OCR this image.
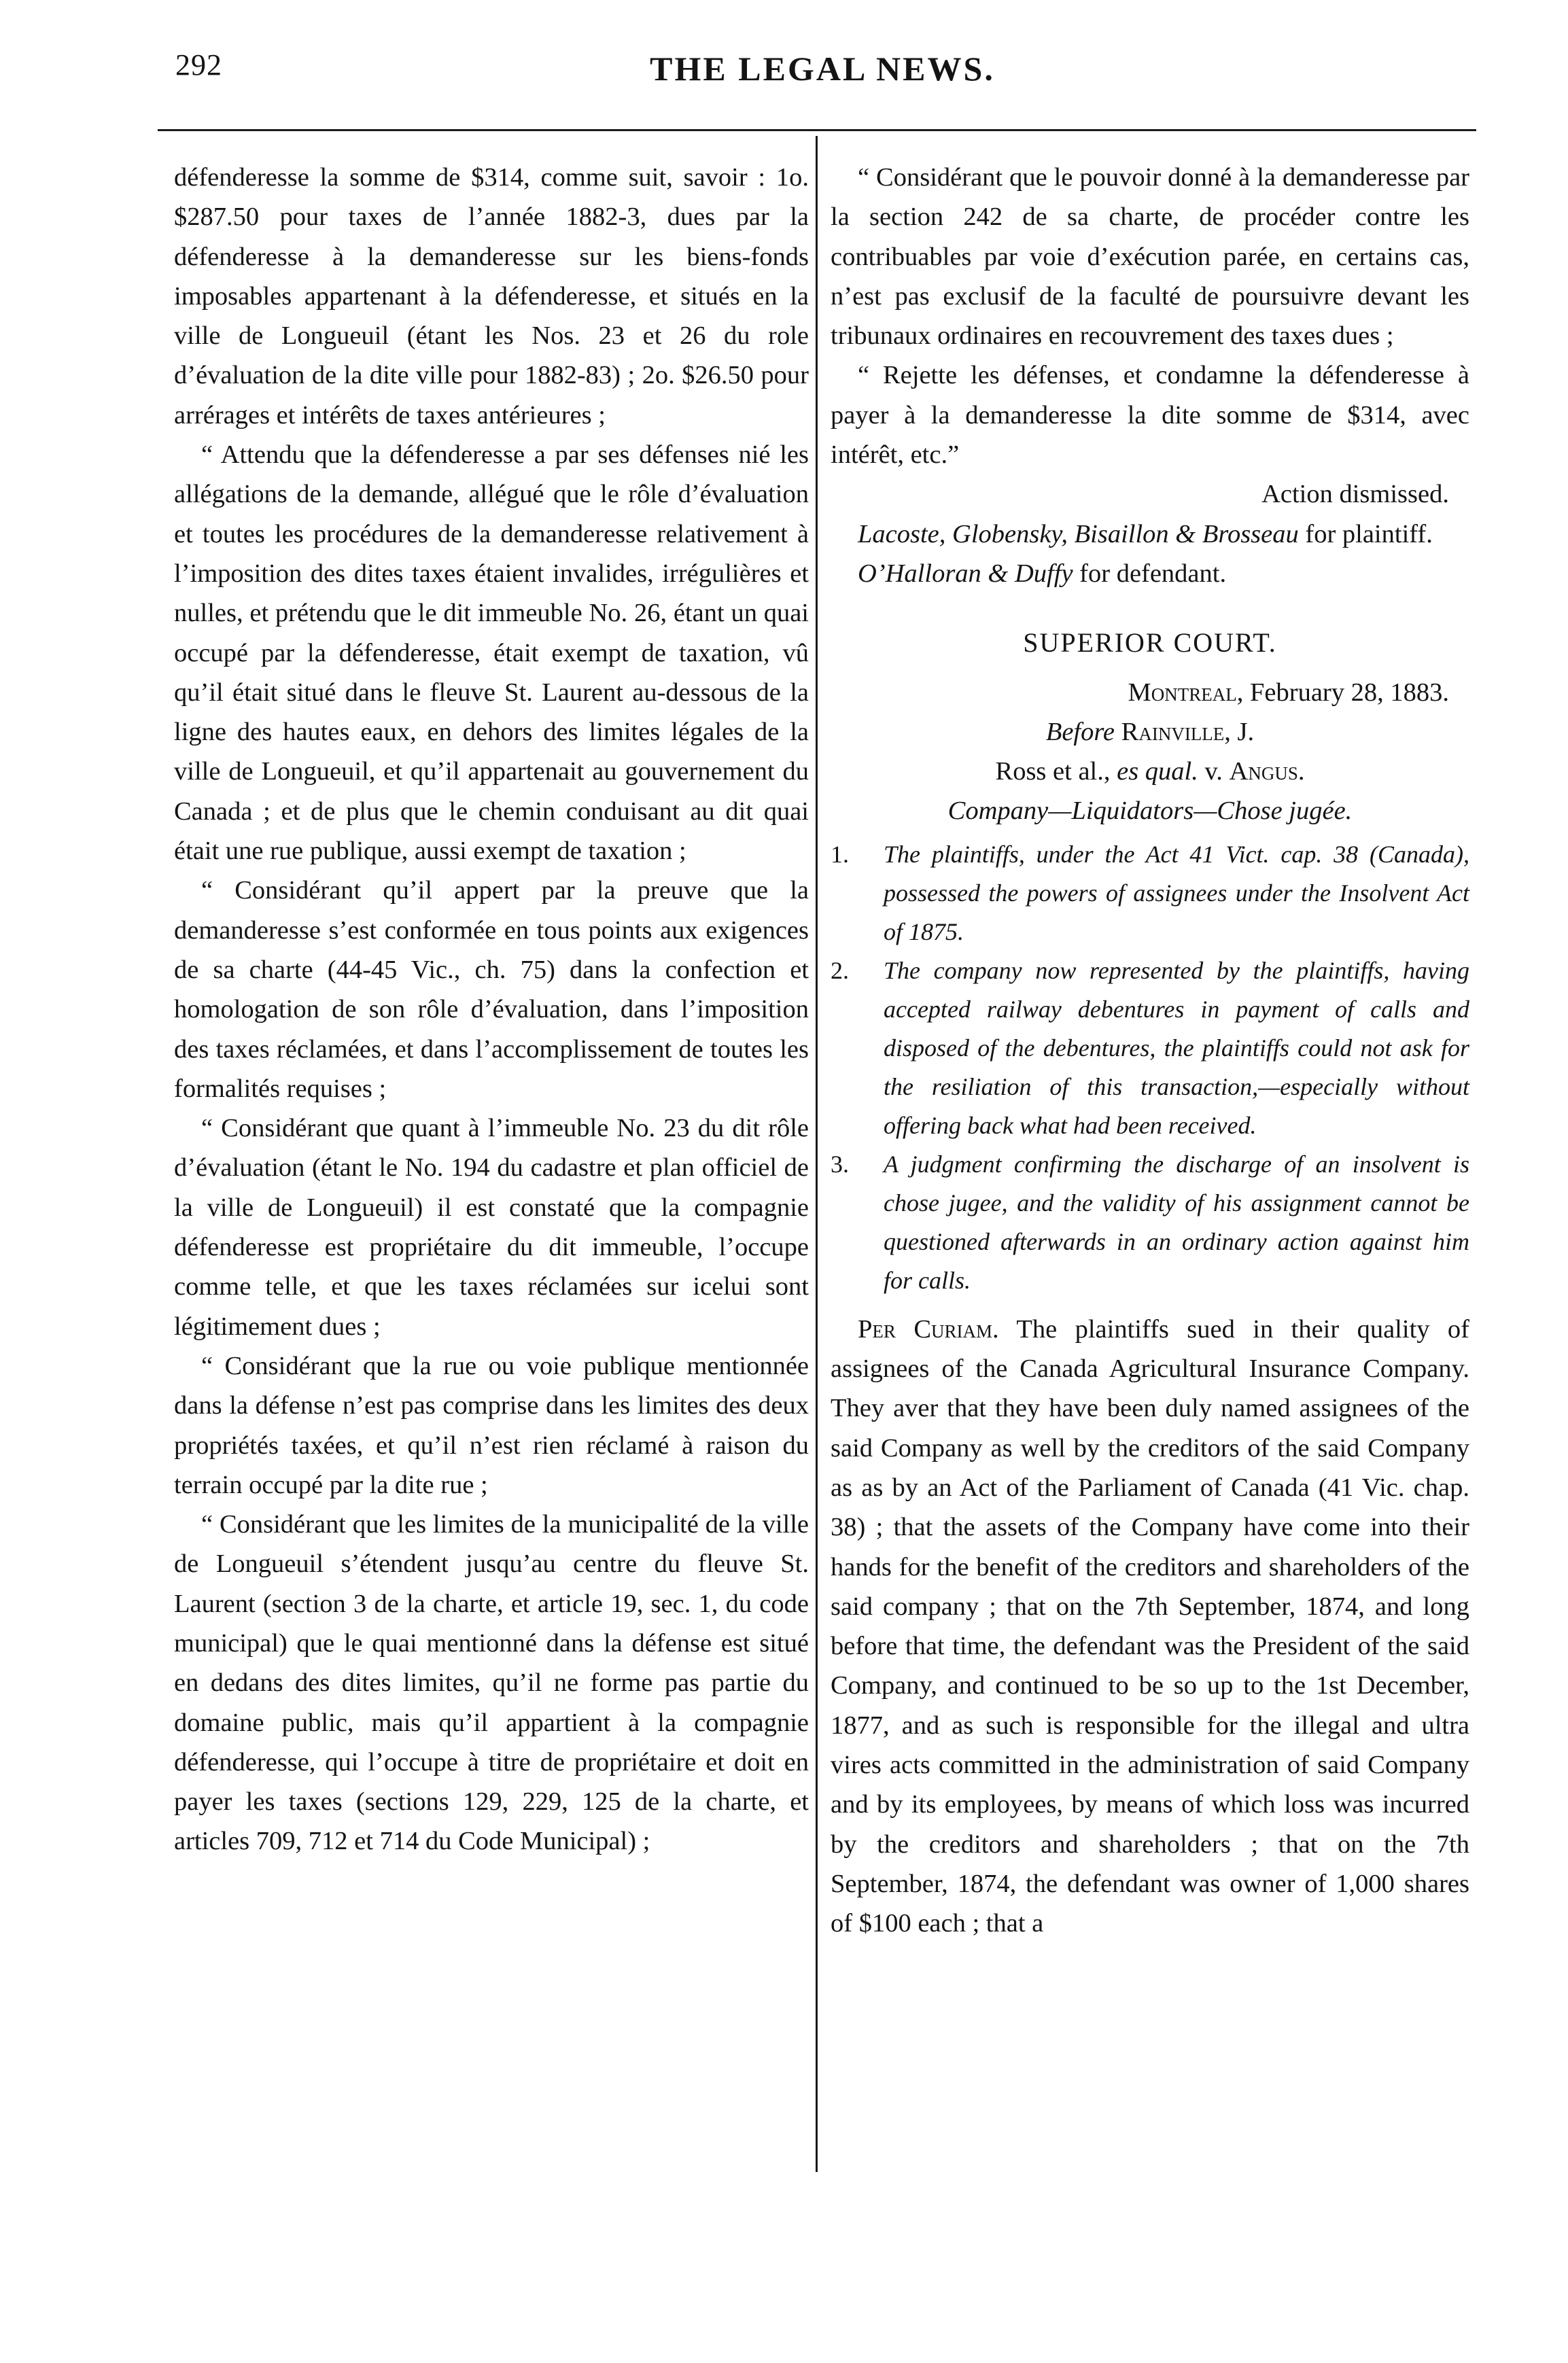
292	THE LEGAL NEWS.

défenderesse la somme de $314, comme suit, savoir : 1o. $287.50 pour taxes de l’année 1882-3, dues par la défenderesse à la demanderesse sur les biens-fonds imposables appartenant à la défenderesse, et situés en la ville de Longueuil (étant les Nos. 23 et 26 du role d’évaluation de la dite ville pour 1882-83) ; 2o. $26.50 pour arrérages et intérêts de taxes antérieures ;

“ Attendu que la défenderesse a par ses défenses nié les allégations de la demande, allégué que le rôle d’évaluation et toutes les procédures de la demanderesse relativement à l’imposition des dites taxes étaient invalides, irrégulières et nulles, et prétendu que le dit immeuble No. 26, étant un quai occupé par la défenderesse, était exempt de taxation, vû qu’il était situé dans le fleuve St. Laurent au-dessous de la ligne des hautes eaux, en dehors des limites légales de la ville de Longueuil, et qu’il appartenait au gouvernement du Canada ; et de plus que le chemin conduisant au dit quai était une rue publique, aussi exempt de taxation ;

“ Considérant qu’il appert par la preuve que la demanderesse s’est conformée en tous points aux exigences de sa charte (44-45 Vic., ch. 75) dans la confection et homologation de son rôle d’évaluation, dans l’imposition des taxes réclamées, et dans l’accomplissement de toutes les formalités requises ;

“ Considérant que quant à l’immeuble No. 23 du dit rôle d’évaluation (étant le No. 194 du cadastre et plan officiel de la ville de Longueuil) il est constaté que la compagnie défenderesse est propriétaire du dit immeuble, l’occupe comme telle, et que les taxes réclamées sur icelui sont légitimement dues ;

“ Considérant que la rue ou voie publique mentionnée dans la défense n’est pas comprise dans les limites des deux propriétés taxées, et qu’il n’est rien réclamé à raison du terrain occupé par la dite rue ;

“ Considérant que les limites de la municipalité de la ville de Longueuil s’étendent jusqu’au centre du fleuve St. Laurent (section 3 de la charte, et article 19, sec. 1, du code municipal) que le quai mentionné dans la défense est situé en dedans des dites limites, qu’il ne forme pas partie du domaine public, mais qu’il appartient à la compagnie défenderesse, qui l’occupe à titre de propriétaire et doit en payer les taxes (sections 129, 229, 125 de la charte, et articles 709, 712 et 714 du Code Municipal) ;

“ Considérant que le pouvoir donné à la demanderesse par la section 242 de sa charte, de procéder contre les contribuables par voie d’exécution parée, en certains cas, n’est pas exclusif de la faculté de poursuivre devant les tribunaux ordinaires en recouvrement des taxes dues ;

“ Rejette les défenses, et condamne la défenderesse à payer à la demanderesse la dite somme de $314, avec intérêt, etc.”

Action dismissed.

Lacoste, Globensky, Bisaillon & Brosseau for plaintiff.

O’Halloran & Duffy for defendant.

SUPERIOR COURT.

Montreal, February 28, 1883.

Before Rainville, J.

Ross et al., es qual. v. Angus.

Company—Liquidators—Chose jugée.

1.	The plaintiffs, under the Act 41 Vict. cap. 38 (Canada), possessed the powers of assignees under the Insolvent Act of 1875.
2.	The company now represented by the plaintiffs, having accepted railway debentures in payment of calls and disposed of the debentures, the plaintiffs could not ask for the resiliation of this transaction,—especially without offering back what had been received.
3.	A judgment confirming the discharge of an insolvent is chose jugee, and the validity of his assignment cannot be questioned afterwards in an ordinary action against him for calls.

Per Curiam. The plaintiffs sued in their quality of assignees of the Canada Agricultural Insurance Company. They aver that they have been duly named assignees of the said Company as well by the creditors of the said Company as as by an Act of the Parliament of Canada (41 Vic. chap. 38) ; that the assets of the Company have come into their hands for the benefit of the creditors and shareholders of the said company ; that on the 7th September, 1874, and long before that time, the defendant was the President of the said Company, and continued to be so up to the 1st December, 1877, and as such is responsible for the illegal and ultra vires acts committed in the administration of said Company and by its employees, by means of which loss was incurred by the creditors and shareholders ; that on the 7th September, 1874, the defendant was owner of 1,000 shares of $100 each ; that a
